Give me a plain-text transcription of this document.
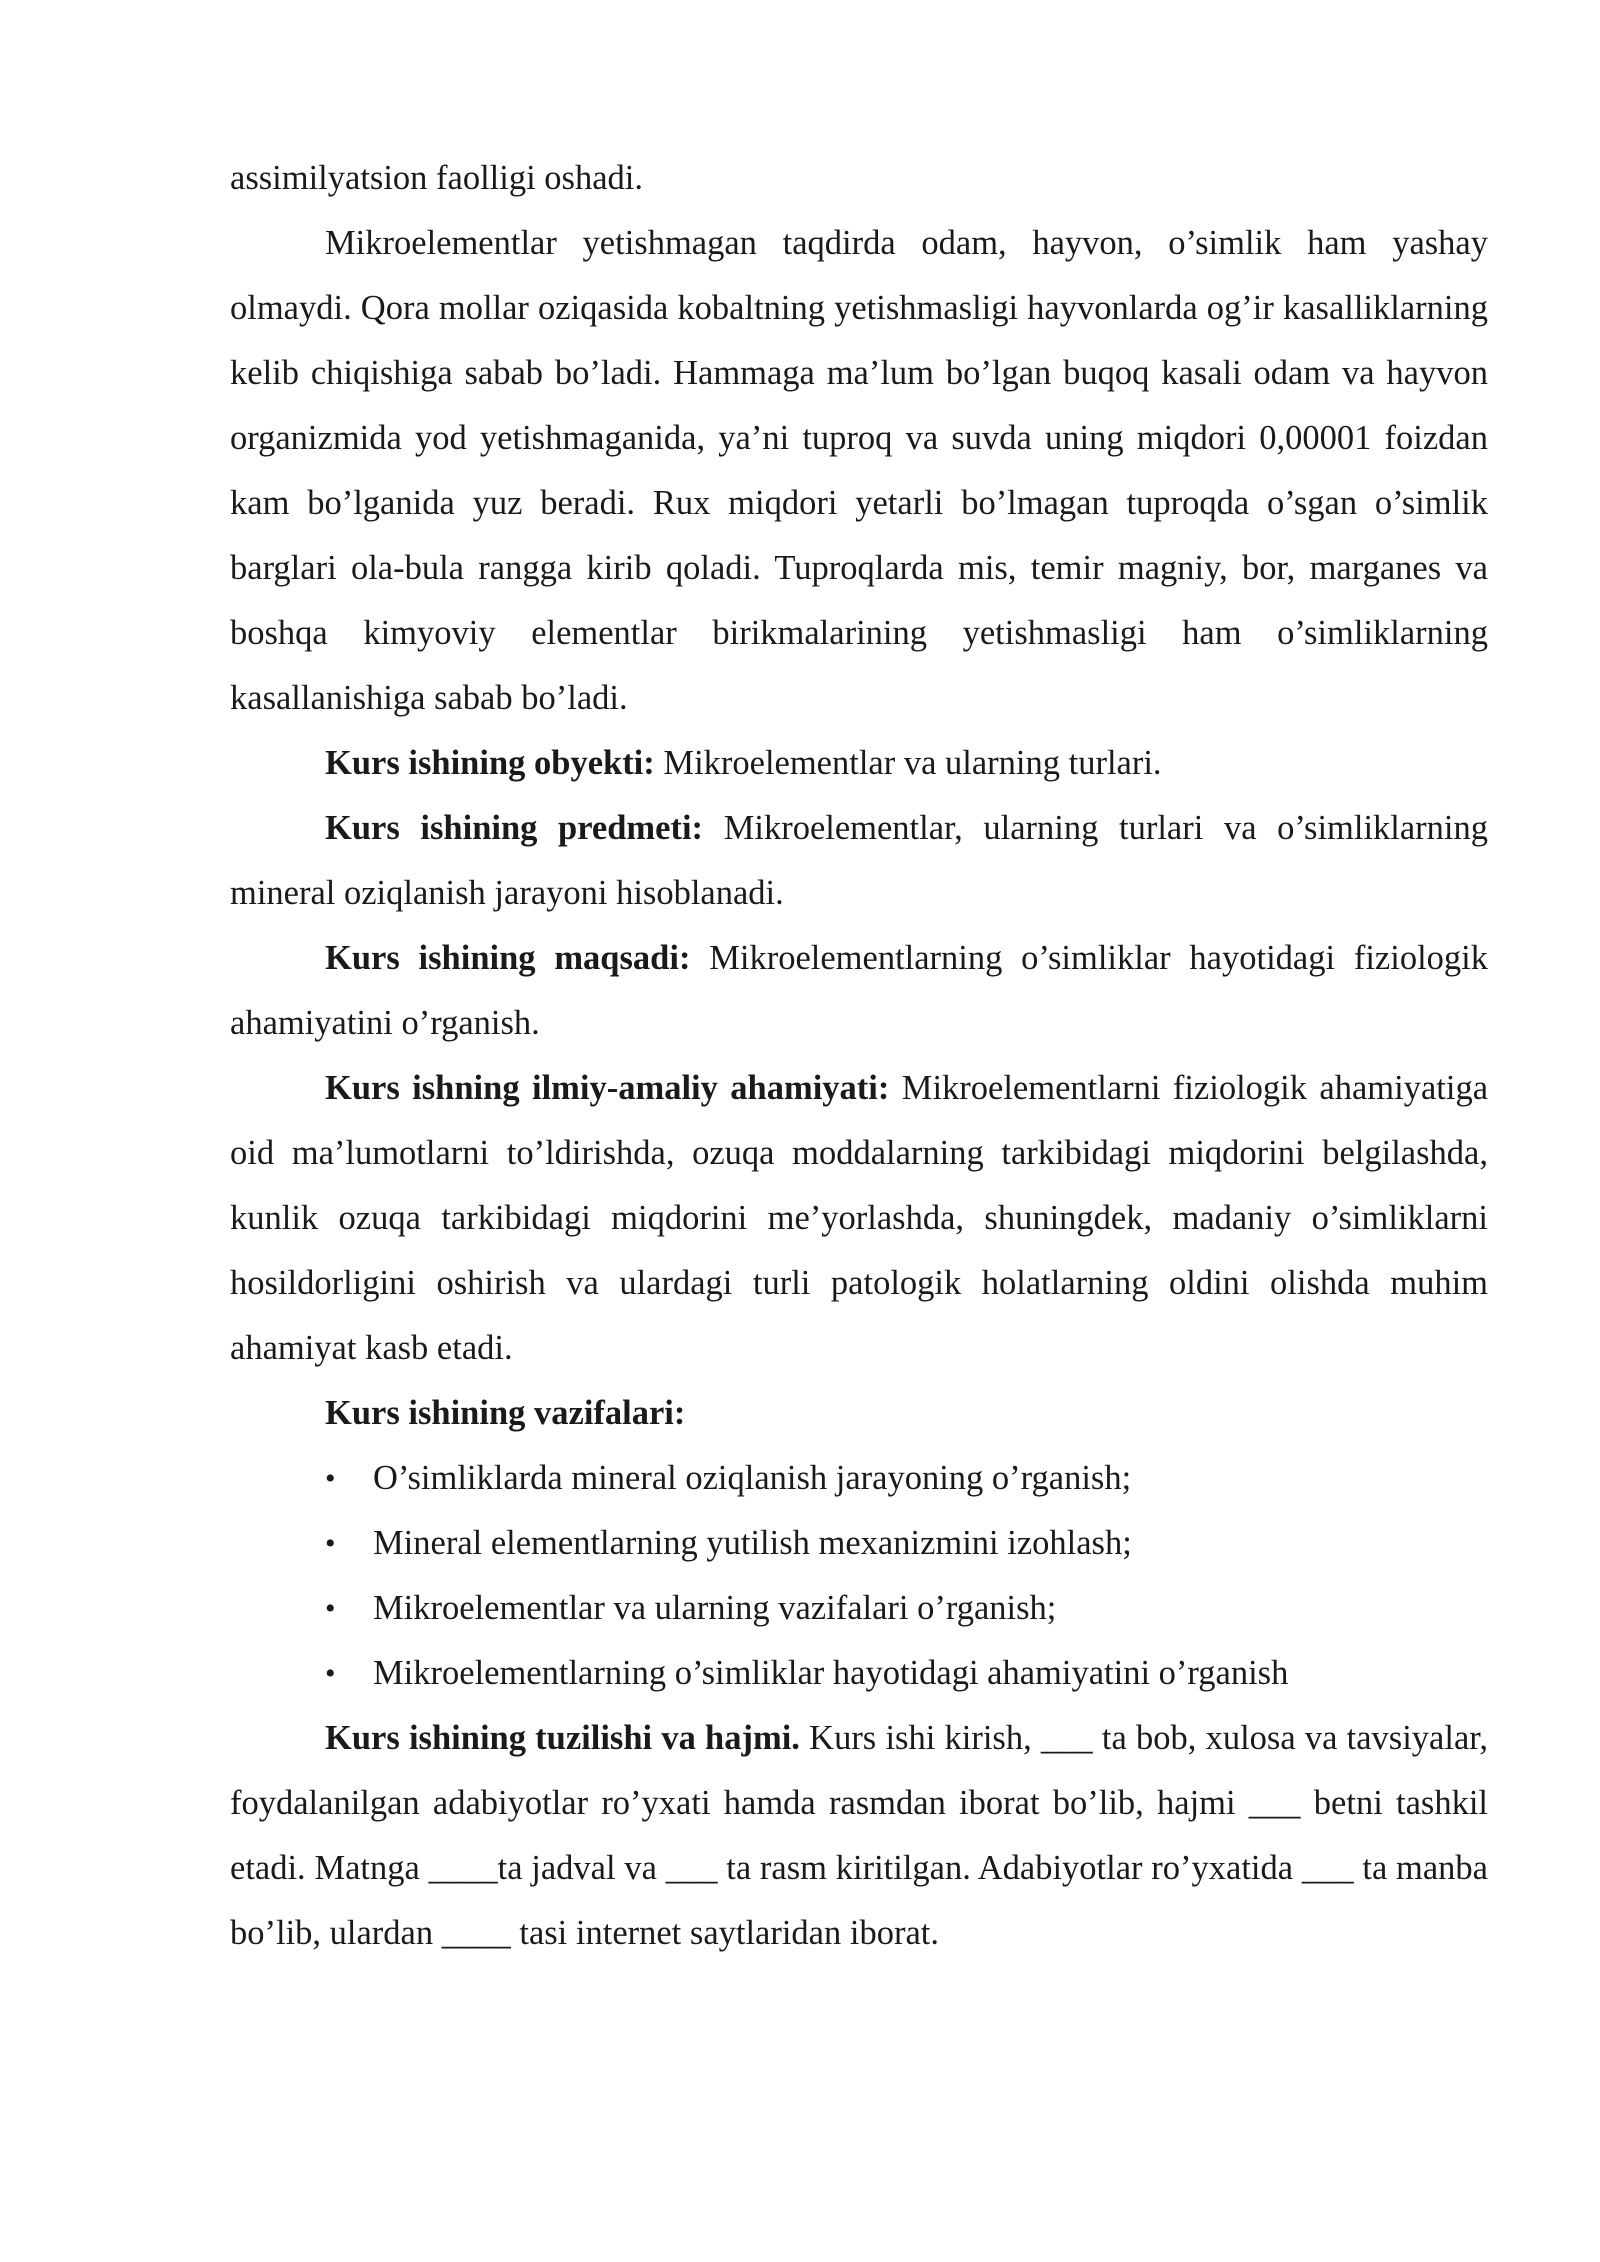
assimilyatsion faolligi oshadi.

Mikroelementlar yetishmagan taqdirda odam, hayvon, o’simlik ham yashay olmaydi. Qora mollar oziqasida kobaltning yetishmasligi hayvonlarda og’ir kasalliklarning kelib chiqishiga sabab bo’ladi. Hammaga ma’lum bo’lgan buqoq kasali odam va hayvon organizmida yod yetishmaganida, ya’ni tuproq va suvda uning miqdori 0,00001 foizdan kam bo’lganida yuz beradi. Rux miqdori yetarli bo’lmagan tuproqda o’sgan o’simlik barglari ola-bula rangga kirib qoladi. Tuproqlarda mis, temir magniy, bor, marganes va boshqa kimyoviy elementlar birikmalarining yetishmasligi ham o’simliklarning kasallanishiga sabab bo’ladi.

Kurs ishining obyekti: Mikroelementlar va ularning turlari.

Kurs ishining predmeti: Mikroelementlar, ularning turlari va o’simliklarning mineral oziqlanish jarayoni hisoblanadi.

Kurs ishining maqsadi: Mikroelementlarning o’simliklar hayotidagi fiziologik ahamiyatini o’rganish.

Kurs ishning ilmiy-amaliy ahamiyati: Mikroelementlarni fiziologik ahamiyatiga oid ma’lumotlarni to’ldirishda, ozuqa moddalarning tarkibidagi miqdorini belgilashda, kunlik ozuqa tarkibidagi miqdorini me’yorlashda, shuningdek, madaniy o’simliklarni hosildorligini oshirish va ulardagi turli patologik holatlarning oldini olishda muhim ahamiyat kasb etadi.

Kurs ishining vazifalari:

• O’simliklarda mineral oziqlanish jarayoning o’rganish;
• Mineral elementlarning yutilish mexanizmini izohlash;
• Mikroelementlar va ularning vazifalari o’rganish;
• Mikroelementlarning o’simliklar hayotidagi ahamiyatini o’rganish

Kurs ishining tuzilishi va hajmi. Kurs ishi kirish, ___ ta bob, xulosa va tavsiyalar, foydalanilgan adabiyotlar ro’yxati hamda rasmdan iborat bo’lib, hajmi ___ betni tashkil etadi. Matnga ____ta jadval va ___ ta rasm kiritilgan. Adabiyotlar ro’yxatida ___ ta manba bo’lib, ulardan ____ tasi internet saytlaridan iborat.
